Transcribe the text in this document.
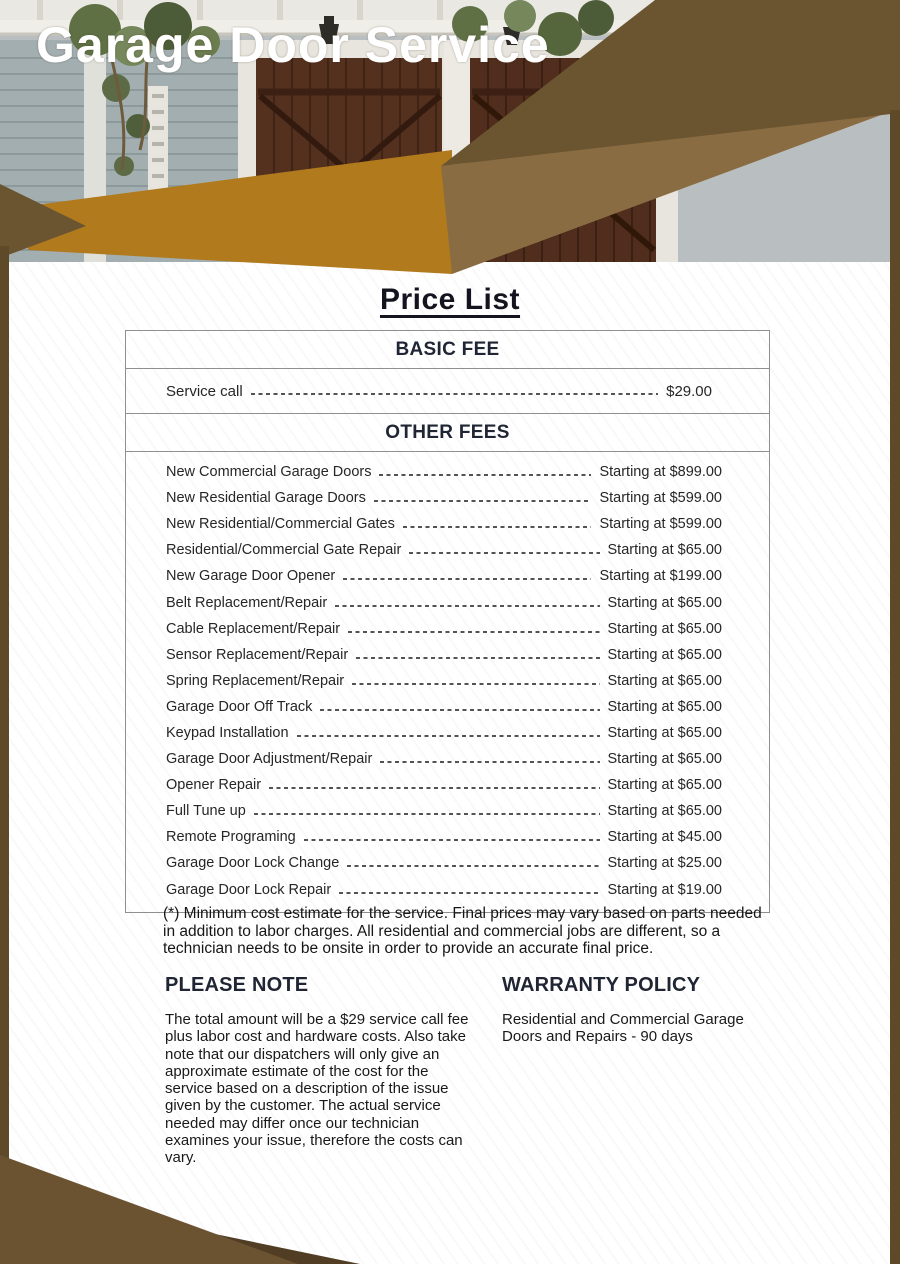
Garage Door Service
Price List
BASIC FEE
Service call	$29.00
OTHER FEES
New Commercial Garage Doors	Starting at $899.00
New Residential Garage Doors	Starting at $599.00
New Residential/Commercial Gates	Starting at $599.00
Residential/Commercial Gate Repair	Starting at $65.00
New Garage Door Opener	Starting at $199.00
Belt Replacement/Repair	Starting at $65.00
Cable Replacement/Repair	Starting at $65.00
Sensor Replacement/Repair	Starting at $65.00
Spring Replacement/Repair	Starting at $65.00
Garage Door Off Track	Starting at $65.00
Keypad Installation	Starting at $65.00
Garage Door Adjustment/Repair	Starting at $65.00
Opener Repair	Starting at $65.00
Full Tune up	Starting at $65.00
Remote Programing	Starting at $45.00
Garage Door Lock Change	Starting at $25.00
Garage Door Lock Repair	Starting at $19.00
(*) Minimum cost estimate for the service. Final prices may vary based on parts needed in addition to labor charges. All residential and commercial jobs are different, so a technician needs to be onsite in order to provide an accurate final price.
PLEASE NOTE
The total amount will be a $29 service call fee plus labor cost and hardware costs. Also take note that our dispatchers will only give an approximate estimate of the cost for the service based on a description of the issue given by the customer. The actual service needed may differ once our technician examines your issue, therefore the costs can vary.
WARRANTY POLICY
Residential and Commercial Garage Doors and Repairs - 90 days
